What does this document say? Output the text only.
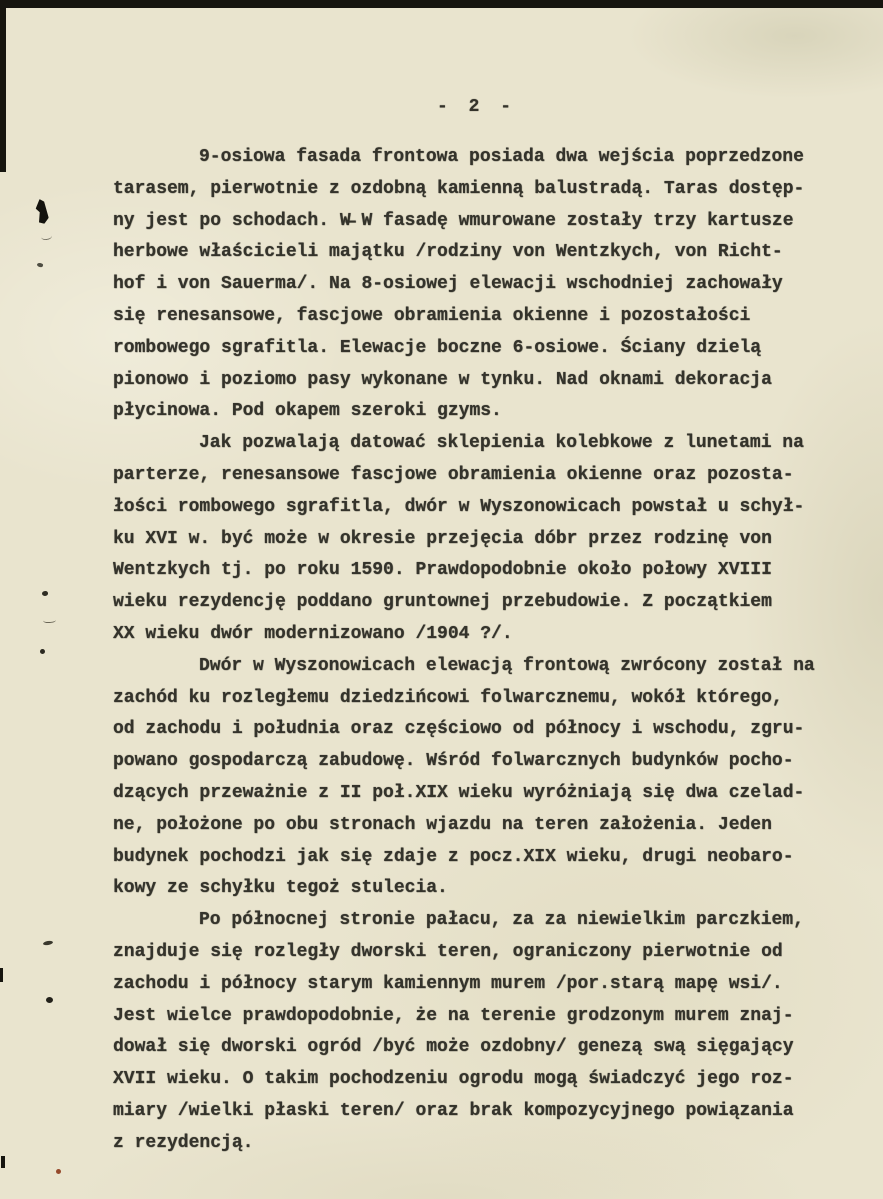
- 2 -
9-osiowa fasada frontowa posiada dwa wejścia poprzedzone
tarasem, pierwotnie z ozdobną kamienną balustradą. Taras dostęp-
ny jest po schodach. W̶ W fasadę wmurowane zostały trzy kartusze
herbowe właścicieli majątku /rodziny von Wentzkych, von Richt-
hof i von Sauerma/. Na 8-osiowej elewacji wschodniej zachowały
się renesansowe, fascjowe obramienia okienne i pozostałości
rombowego sgrafitla. Elewacje boczne 6-osiowe. Ściany dzielą
pionowo i poziomo pasy wykonane w tynku. Nad oknami dekoracja
płycinowa. Pod okapem szeroki gzyms.
Jak pozwalają datować sklepienia kolebkowe z lunetami na
parterze, renesansowe fascjowe obramienia okienne oraz pozosta-
łości rombowego sgrafitla, dwór w Wyszonowicach powstał u schył-
ku XVI w. być może w okresie przejęcia dóbr przez rodzinę von
Wentzkych tj. po roku 1590. Prawdopodobnie około połowy XVIII
wieku rezydencję poddano gruntownej przebudowie. Z początkiem
XX wieku dwór modernizowano /1904 ?/.
Dwór w Wyszonowicach elewacją frontową zwrócony został na
zachód ku rozległemu dziedzińcowi folwarcznemu, wokół którego,
od zachodu i południa oraz częściowo od północy i wschodu, zgru-
powano gospodarczą zabudowę. Wśród folwarcznych budynków pocho-
dzących przeważnie z II poł.XIX wieku wyróżniają się dwa czelad-
ne, położone po obu stronach wjazdu na teren założenia. Jeden
budynek pochodzi jak się zdaje z pocz.XIX wieku, drugi neobaro-
kowy ze schyłku tegoż stulecia.
Po północnej stronie pałacu, za za niewielkim parczkiem,
znajduje się rozległy dworski teren, ograniczony pierwotnie od
zachodu i północy starym kamiennym murem /por.starą mapę wsi/.
Jest wielce prawdopodobnie, że na terenie grodzonym murem znaj-
dował się dworski ogród /być może ozdobny/ genezą swą sięgający
XVII wieku. O takim pochodzeniu ogrodu mogą świadczyć jego roz-
miary /wielki płaski teren/ oraz brak kompozycyjnego powiązania
z rezydencją.
